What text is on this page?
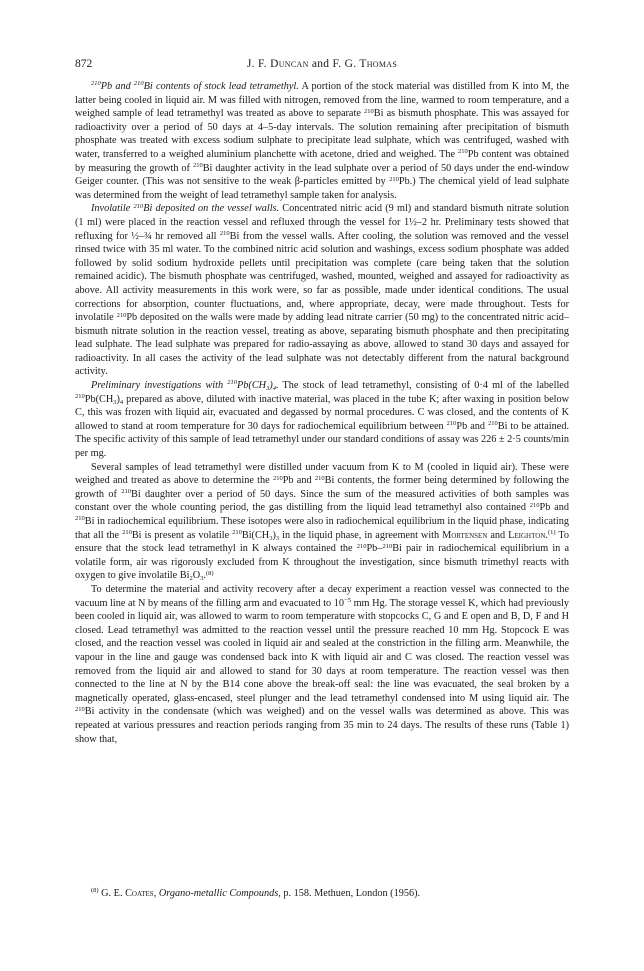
872	J. F. Duncan and F. G. Thomas

$^{210}$Pb and $^{210}$Bi contents of stock lead tetramethyl. A portion of the stock material was distilled from K into M, the latter being cooled in liquid air. M was filled with nitrogen, removed from the line, warmed to room temperature, and a weighed sample of lead tetramethyl was treated as above to separate $^{210}$Bi as bismuth phosphate. This was assayed for radioactivity over a period of 50 days at 4–5-day intervals. The solution remaining after precipitation of bismuth phosphate was treated with excess sodium sulphate to precipitate lead sulphate, which was centrifuged, washed with water, transferred to a weighed aluminium planchette with acetone, dried and weighed. The $^{210}$Pb content was obtained by measuring the growth of $^{210}$Bi daughter activity in the lead sulphate over a period of 50 days under the end-window Geiger counter. (This was not sensitive to the weak β-particles emitted by $^{210}$Pb.) The chemical yield of lead sulphate was determined from the weight of lead tetramethyl sample taken for analysis.

Involatile $^{210}$Bi deposited on the vessel walls. Concentrated nitric acid (9 ml) and standard bismuth nitrate solution (1 ml) were placed in the reaction vessel and refluxed through the vessel for 1½–2 hr. Preliminary tests showed that refluxing for ½–¾ hr removed all $^{210}$Bi from the vessel walls. After cooling, the solution was removed and the vessel rinsed twice with 35 ml water. To the combined nitric acid solution and washings, excess sodium phosphate was added followed by solid sodium hydroxide pellets until precipitation was complete (care being taken that the solution remained acidic). The bismuth phosphate was centrifuged, washed, mounted, weighed and assayed for radioactivity as above. All activity measurements in this work were, so far as possible, made under identical conditions. The usual corrections for absorption, counter fluctuations, and, where appropriate, decay, were made throughout. Tests for involatile $^{210}$Pb deposited on the walls were made by adding lead nitrate carrier (50 mg) to the concentrated nitric acid–bismuth nitrate solution in the reaction vessel, treating as above, separating bismuth phosphate and then precipitating lead sulphate. The lead sulphate was prepared for radio-assaying as above, allowed to stand 30 days and assayed for radioactivity. In all cases the activity of the lead sulphate was not detectably different from the natural background activity.

Preliminary investigations with $^{210}Pb(CH_3)_4$. The stock of lead tetramethyl, consisting of 0·4 ml of the labelled $^{210}Pb(CH_3)_4$ prepared as above, diluted with inactive material, was placed in the tube K; after waxing in position below C, this was frozen with liquid air, evacuated and degassed by normal procedures. C was closed, and the contents of K allowed to stand at room temperature for 30 days for radiochemical equilibrium between $^{210}$Pb and $^{210}$Bi to be attained. The specific activity of this sample of lead tetramethyl under our standard conditions of assay was 226 ± 2·5 counts/min per mg.

Several samples of lead tetramethyl were distilled under vacuum from K to M (cooled in liquid air). These were weighed and treated as above to determine the $^{210}$Pb and $^{210}$Bi contents, the former being determined by following the growth of $^{210}$Bi daughter over a period of 50 days. Since the sum of the measured activities of both samples was constant over the whole counting period, the gas distilling from the liquid lead tetramethyl also contained $^{210}$Pb and $^{210}$Bi in radiochemical equilibrium. These isotopes were also in radiochemical equilibrium in the liquid phase, indicating that all the $^{210}$Bi is present as volatile $^{210}Bi(CH_3)_3$ in the liquid phase, in agreement with Mortensen and Leighton.$^{(1)}$ To ensure that the stock lead tetramethyl in K always contained the $^{210}$Pb–$^{210}$Bi pair in radiochemical equilibrium in a volatile form, air was rigorously excluded from K throughout the investigation, since bismuth trimethyl reacts with oxygen to give involatile $Bi_2O_3.^{(8)}$

To determine the material and activity recovery after a decay experiment a reaction vessel was connected to the vacuum line at N by means of the filling arm and evacuated to $10^{-5}$ mm Hg. The storage vessel K, which had previously been cooled in liquid air, was allowed to warm to room temperature with stopcocks C, G and E open and B, D, F and H closed. Lead tetramethyl was admitted to the reaction vessel until the pressure reached 10 mm Hg. Stopcock E was closed, and the reaction vessel was cooled in liquid air and sealed at the constriction in the filling arm. Meanwhile, the vapour in the line and gauge was condensed back into K with liquid air and C was closed. The reaction vessel was removed from the liquid air and allowed to stand for 30 days at room temperature. The reaction vessel was then connected to the line at N by the B14 cone above the break-off seal: the line was evacuated, the seal broken by a magnetically operated, glass-encased, steel plunger and the lead tetramethyl condensed into M using liquid air. The $^{210}$Bi activity in the condensate (which was weighed) and on the vessel walls was determined as above. This was repeated at various pressures and reaction periods ranging from 35 min to 24 days. The results of these runs (Table 1) show that,

$^{(8)}$ G. E. Coates, Organo-metallic Compounds, p. 158. Methuen, London (1956).
